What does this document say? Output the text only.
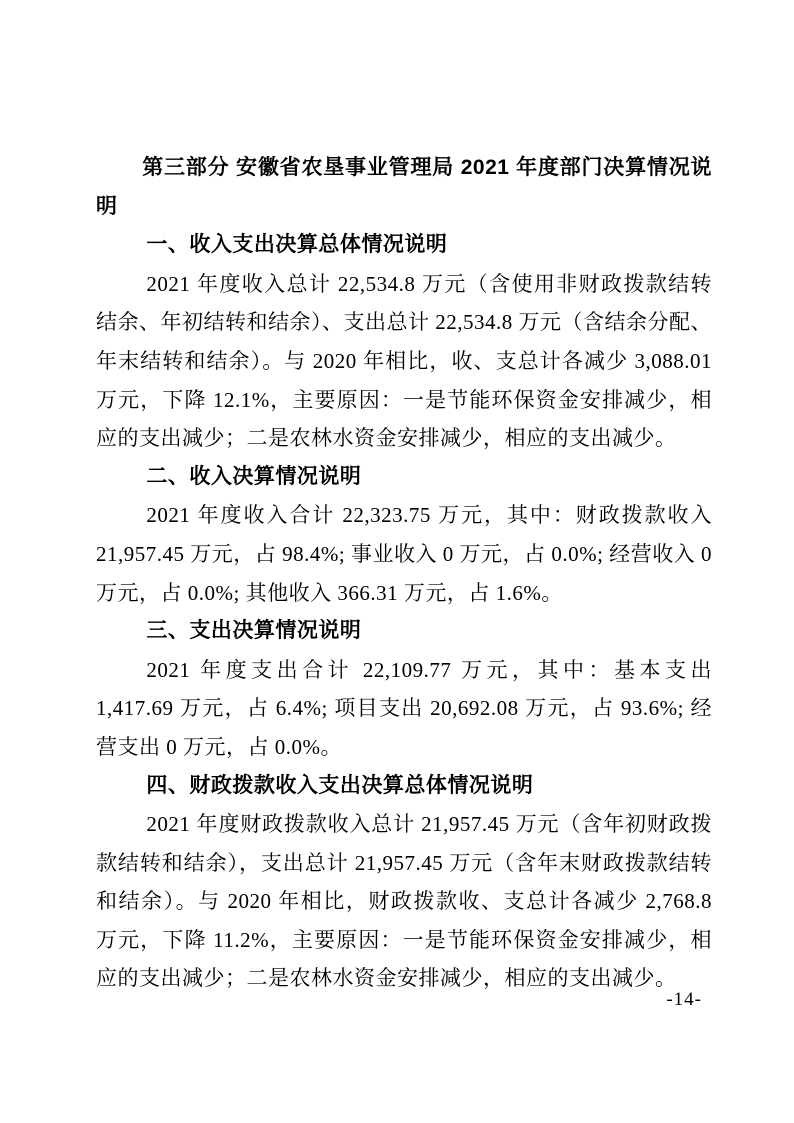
第三部分 安徽省农垦事业管理局 2021 年度部门决算情况说明

一、收入支出决算总体情况说明

2021 年度收入总计 22,534.8 万元（含使用非财政拨款结转结余、年初结转和结余）、支出总计 22,534.8 万元（含结余分配、年末结转和结余）。与 2020 年相比，收、支总计各减少 3,088.01 万元，下降 12.1%，主要原因：一是节能环保资金安排减少，相应的支出减少；二是农林水资金安排减少，相应的支出减少。

二、收入决算情况说明

2021 年度收入合计 22,323.75 万元，其中：财政拨款收入 21,957.45 万元，占 98.4%; 事业收入 0 万元，占 0.0%; 经营收入 0 万元，占 0.0%; 其他收入 366.31 万元，占 1.6%。

三、支出决算情况说明

2021 年度支出合计 22,109.77 万元，其中：基本支出 1,417.69 万元，占 6.4%; 项目支出 20,692.08 万元，占 93.6%; 经营支出 0 万元，占 0.0%。

四、财政拨款收入支出决算总体情况说明

2021 年度财政拨款收入总计 21,957.45 万元（含年初财政拨款结转和结余），支出总计 21,957.45 万元（含年末财政拨款结转和结余）。与 2020 年相比，财政拨款收、支总计各减少 2,768.8 万元，下降 11.2%，主要原因：一是节能环保资金安排减少，相应的支出减少；二是农林水资金安排减少，相应的支出减少。

-14-
